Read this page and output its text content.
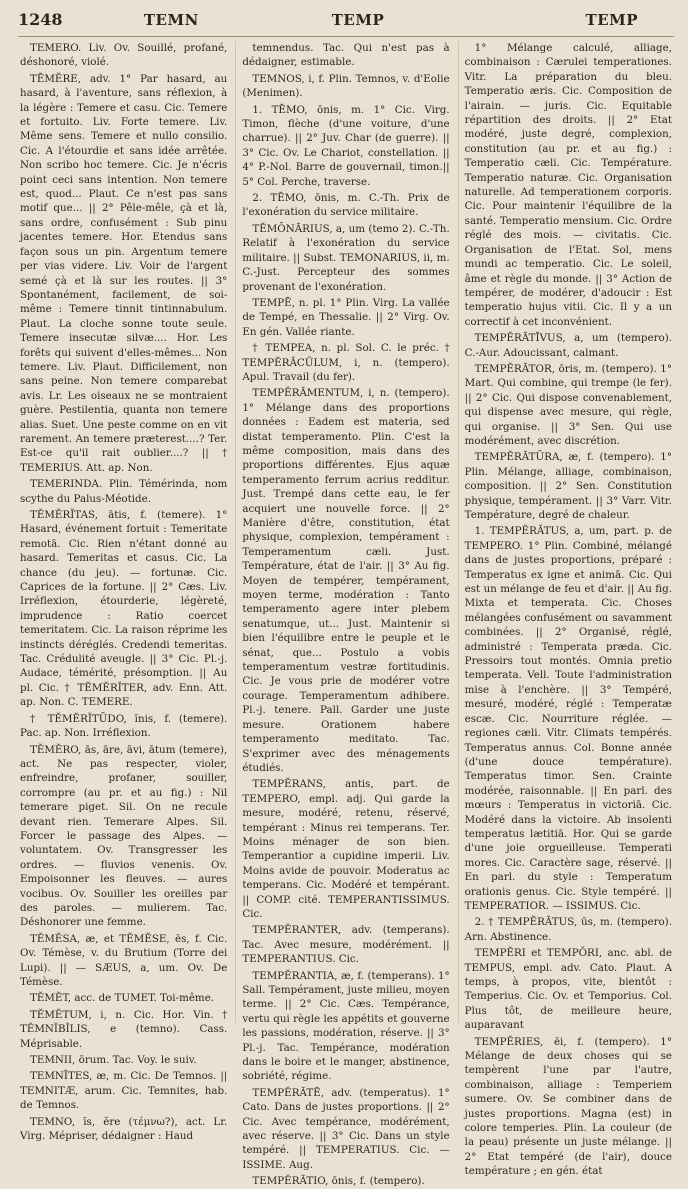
1248	TEMN	TEMP	TEMP

TEMERO. Liv. Ov. Souillé, profané, déshonoré, violé.

TĒMĔRE, adv. 1° Par hasard, au hasard, à l'aventure, sans réflexion, à la légère : Temere et casu. Cic. Temere et fortuito. Liv. Forte temere. Liv. Même sens. Temere et nullo consilio. Cic. A l'étourdie et sans idée arrêtée. Non scribo hoc temere. Cic. Je n'écris point ceci sans intention. Non temere est, quod... Plaut. Ce n'est pas sans motif que... || 2° Pêle-mêle, çà et là, sans ordre, confusément : Sub pinu jacentes temere. Hor. Etendus sans façon sous un pin. Argentum temere per vias videre. Liv. Voir de l'argent semé çà et là sur les routes. || 3° Spontanément, facilement, de soi-même : Temere tinnit tintinnabulum. Plaut. La cloche sonne toute seule. Temere insecutæ silvæ.... Hor. Les forêts qui suivent d'elles-mêmes... Non temere. Liv. Plaut. Difficilement, non sans peine. Non temere comparebat avis. Lr. Les oiseaux ne se montraient guère. Pestilentia, quanta non temere alias. Suet. Une peste comme on en vit rarement. An temere præterest....? Ter. Est-ce qu'il rait oublier....? || † TEMERIUS. Att. ap. Non.

TEMERINDA. Plin. Témérinda, nom scythe du Palus-Méotide.

TĔMĔRĬTAS, ātis, f. (temere). 1° Hasard, événement fortuit : Temeritate remotā. Cic. Rien n'étant donné au hasard. Temeritas et casus. Cic. La chance (du jeu). — fortunæ. Cic. Caprices de la fortune. || 2° Cæs. Liv. Irréflexion, étourderie, légèreté, imprudence : Ratio coercet temeritatem. Cic. La raison réprime les instincts déréglés. Credendi temeritas. Tac. Crédulité aveugle. || 3° Cic. Pl.-j. Audace, témérité, présomption. || Au pl. Cic. † TĔMĔRĬTER, adv. Enn. Att. ap. Non. C. TEMERE.

† TĔMĔRĬTŪDO, ĭnis, f. (temere). Pac. ap. Non. Irréflexion.

TĔMĔRO, ās, āre, āvi, ātum (temere), act. Ne pas respecter, violer, enfreindre, profaner, souiller, corrompre (au pr. et au fig.) : Nil temerare piget. Sil. On ne recule devant rien. Temerare Alpes. Sil. Forcer le passage des Alpes. — voluntatem. Ov. Transgresser les ordres. — fluvios venenis. Ov. Empoisonner les fleuves. — aures vocibus. Ov. Souiller les oreilles par des paroles. — mulierem. Tac. Déshonorer une femme.

TĔMĔSA, æ, et TĔMĔSE, ēs, f. Cic. Ov. Témèse, v. du Brutium (Torre dei Lupi). || — SÆUS, a, um. Ov. De Témèse.

TĔMĔT, acc. de TUMET. Toi-même.

TĔMĔTUM, i, n. Cic. Hor. Vin. † TĔMNĬBĬLIS, e (temno). Cass. Méprisable.

TEMNII, ōrum. Tac. Voy. le suiv.

TEMNĪTES, æ, m. Cic. De Temnos. || TEMNITÆ, arum. Cic. Temnites, hab. de Temnos.

TEMNO, ĭs, ĕre (τέμνω?), act. Lr. Virg. Mépriser, dédaigner : Haud

temnendus. Tac. Qui n'est pas à dédaigner, estimable.

TEMNOS, i, f. Plin. Temnos, v. d'Eolie (Menimen).

1. TĒMO, ōnis, m. 1° Cic. Virg. Timon, flèche (d'une voiture, d'une charrue). || 2° Juv. Char (de guerre). || 3° Cic. Ov. Le Chariot, constellation. || 4° P.-Nol. Barre de gouvernail, timon.|| 5° Col. Perche, traverse.

2. TĒMO, ōnis, m. C.-Th. Prix de l'exonération du service militaire.

TĒMŌNĀRIUS, a, um (temo 2). C.-Th. Relatif à l'exonération du service militaire. || Subst. TEMONARIUS, ii, m. C.-Just. Percepteur des sommes provenant de l'exonération.

TEMPĒ, n. pl. 1° Plin. Virg. La vallée de Tempé, en Thessalie. || 2° Virg. Ov. En gén. Vallée riante.

† TEMPEA, n. pl. Sol. C. le préc. † TEMPĔRĀCŬLUM, i, n. (tempero). Apul. Travail (du fer).

TEMPĔRĀMENTUM, i, n. (tempero). 1° Mélange dans des proportions données : Eadem est materia, sed distat temperamento. Plin. C'est la même composition, mais dans des proportions différentes. Ejus aquæ temperamento ferrum acrius redditur. Just. Trempé dans cette eau, le fer acquiert une nouvelle force. || 2° Manière d'être, constitution, état physique, complexion, tempérament : Temperamentum cæli. Just. Température, état de l'air. || 3° Au fig. Moyen de tempérer, tempérament, moyen terme, modération : Tanto temperamento agere inter plebem senatumque, ut... Just. Maintenir si bien l'équilibre entre le peuple et le sénat, que... Postulo a vobis temperamentum vestræ fortitudinis. Cic. Je vous prie de modérer votre courage. Temperamentum adhibere. Pl.-j. tenere. Pall. Garder une juste mesure. Orationem habere temperamento meditato. Tac. S'exprimer avec des ménagements étudiés.

TEMPĔRANS, antis, part. de TEMPERO, empl. adj. Qui garde la mesure, modéré, retenu, réservé, tempérant : Minus rei temperans. Ter. Moins ménager de son bien. Temperantior a cupidine imperii. Liv. Moins avide de pouvoir. Moderatus ac temperans. Cic. Modéré et tempérant. || COMP. cité. TEMPERANTISSIMUS. Cic.

TEMPĔRANTER, adv. (temperans). Tac. Avec mesure, modérément. || TEMPERANTIUS. Cic.

TEMPĔRANTIA, æ, f. (temperans). 1° Sall. Tempérament, juste milieu, moyen terme. || 2° Cic. Cæs. Tempérance, vertu qui règle les appétits et gouverne les passions, modération, réserve. || 3° Pl.-j. Tac. Tempérance, modération dans le boire et le manger, abstinence, sobriété, régime.

TEMPĔRĀTĒ, adv. (temperatus). 1° Cato. Dans de justes proportions. || 2° Cic. Avec tempérance, modérément, avec réserve. || 3° Cic. Dans un style tempéré. || TEMPERATIUS. Cic. — ISSIME. Aug.

TEMPĔRĀTIO, ōnis, f. (tempero).

1° Mélange calculé, alliage, combinaison : Cærulei temperationes. Vitr. La préparation du bleu. Temperatio æris. Cic. Composition de l'airain. — juris. Cic. Equitable répartition des droits. || 2° Etat modéré, juste degré, complexion, constitution (au pr. et au fig.) : Temperatio cæli. Cic. Température. Temperatio naturæ. Cic. Organisation naturelle. Ad temperationem corporis. Cic. Pour maintenir l'équilibre de la santé. Temperatio mensium. Cic. Ordre réglé des mois. — civitatis. Cic. Organisation de l'Etat. Sol, mens mundi ac temperatio. Cic. Le soleil, âme et règle du monde. || 3° Action de tempérer, de modérer, d'adoucir : Est temperatio hujus vitii. Cic. Il y a un correctif à cet inconvénient.

TEMPĔRĀTĪVUS, a, um (tempero). C.-Aur. Adoucissant, calmant.

TEMPĔRĀTOR, ōris, m. (tempero). 1° Mart. Qui combine, qui trempe (le fer). || 2° Cic. Qui dispose convenablement, qui dispense avec mesure, qui règle, qui organise. || 3° Sen. Qui use modérément, avec discrétion.

TEMPĔRĀTŪRA, æ, f. (tempero). 1° Plin. Mélange, alliage, combinaison, composition. || 2° Sen. Constitution physique, tempérament. || 3° Varr. Vitr. Température, degré de chaleur.

1. TEMPĔRĀTUS, a, um, part. p. de TEMPERO. 1° Plin. Combiné, mélangé dans de justes proportions, préparé : Temperatus ex igne et animā. Cic. Qui est un mélange de feu et d'air. || Au fig. Mixta et temperata. Cic. Choses mélangées confusément ou savamment combinées. || 2° Organisé, réglé, administré : Temperata præda. Cic. Pressoirs tout montés. Omnia pretio temperata. Vell. Toute l'administration mise à l'enchère. || 3° Tempéré, mesuré, modéré, réglé : Temperatæ escæ. Cic. Nourriture réglée. — regiones cæli. Vitr. Climats tempérés. Temperatus annus. Col. Bonne année (d'une douce température). Temperatus timor. Sen. Crainte modérée, raisonnable. || En parl. des mœurs : Temperatus in victoriā. Cic. Modéré dans la victoire. Ab insolenti temperatus lætitiā. Hor. Qui se garde d'une joie orgueilleuse. Temperati mores. Cic. Caractère sage, réservé. || En parl. du style : Temperatum orationis genus. Cic. Style tempéré. || TEMPERATIOR. — ISSIMUS. Cic.

2. † TEMPĔRĀTUS, ūs, m. (tempero). Arn. Abstinence.

TEMPĔRI et TEMPŎRI, anc. abl. de TEMPUS, empl. adv. Cato. Plaut. A temps, à propos, vite, bientôt : Temperius. Cic. Ov. et Temporius. Col. Plus tôt, de meilleure heure, auparavant

TEMPĔRIES, ēi, f. (tempero). 1° Mélange de deux choses qui se tempèrent l'une par l'autre, combinaison, alliage : Temperiem sumere. Ov. Se combiner dans de justes proportions. Magna (est) in colore temperies. Plin. La couleur (de la peau) présente un juste mélange. || 2° Etat tempéré (de l'air), douce température ; en gén. état
